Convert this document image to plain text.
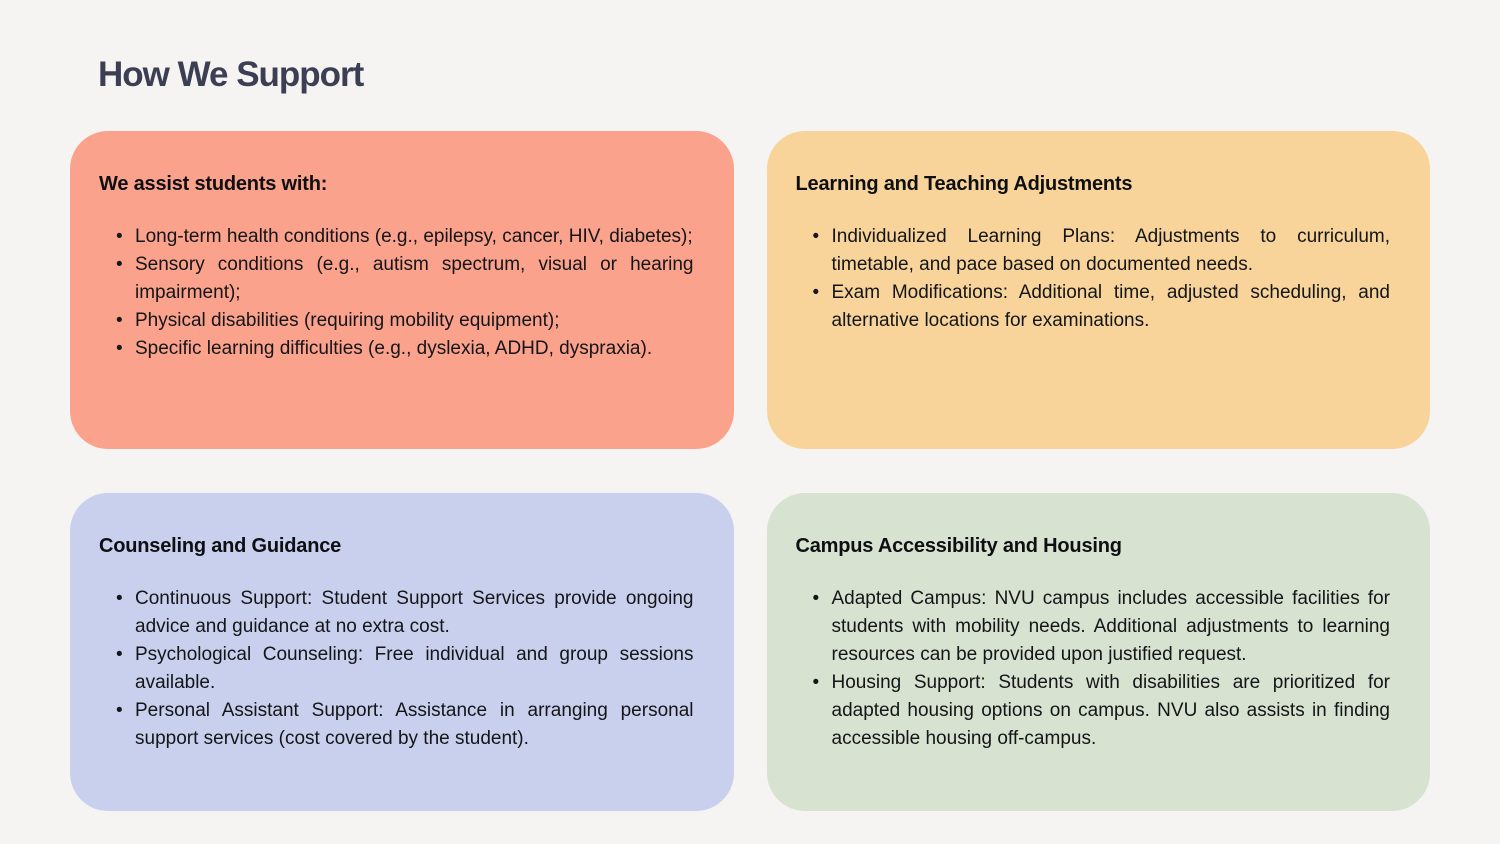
How We Support
We assist students with:
• Long-term health conditions (e.g., epilepsy, cancer, HIV, diabetes);
• Sensory conditions (e.g., autism spectrum, visual or hearing impairment);
• Physical disabilities (requiring mobility equipment);
• Specific learning difficulties (e.g., dyslexia, ADHD, dyspraxia).
Learning and Teaching Adjustments
• Individualized Learning Plans: Adjustments to curriculum, timetable, and pace based on documented needs.
• Exam Modifications: Additional time, adjusted scheduling, and alternative locations for examinations.
Counseling and Guidance
• Continuous Support: Student Support Services provide ongoing advice and guidance at no extra cost.
• Psychological Counseling: Free individual and group sessions available.
• Personal Assistant Support: Assistance in arranging personal support services (cost covered by the student).
Campus Accessibility and Housing
• Adapted Campus: NVU campus includes accessible facilities for students with mobility needs. Additional adjustments to learning resources can be provided upon justified request.
• Housing Support: Students with disabilities are prioritized for adapted housing options on campus. NVU also assists in finding accessible housing off-campus.
